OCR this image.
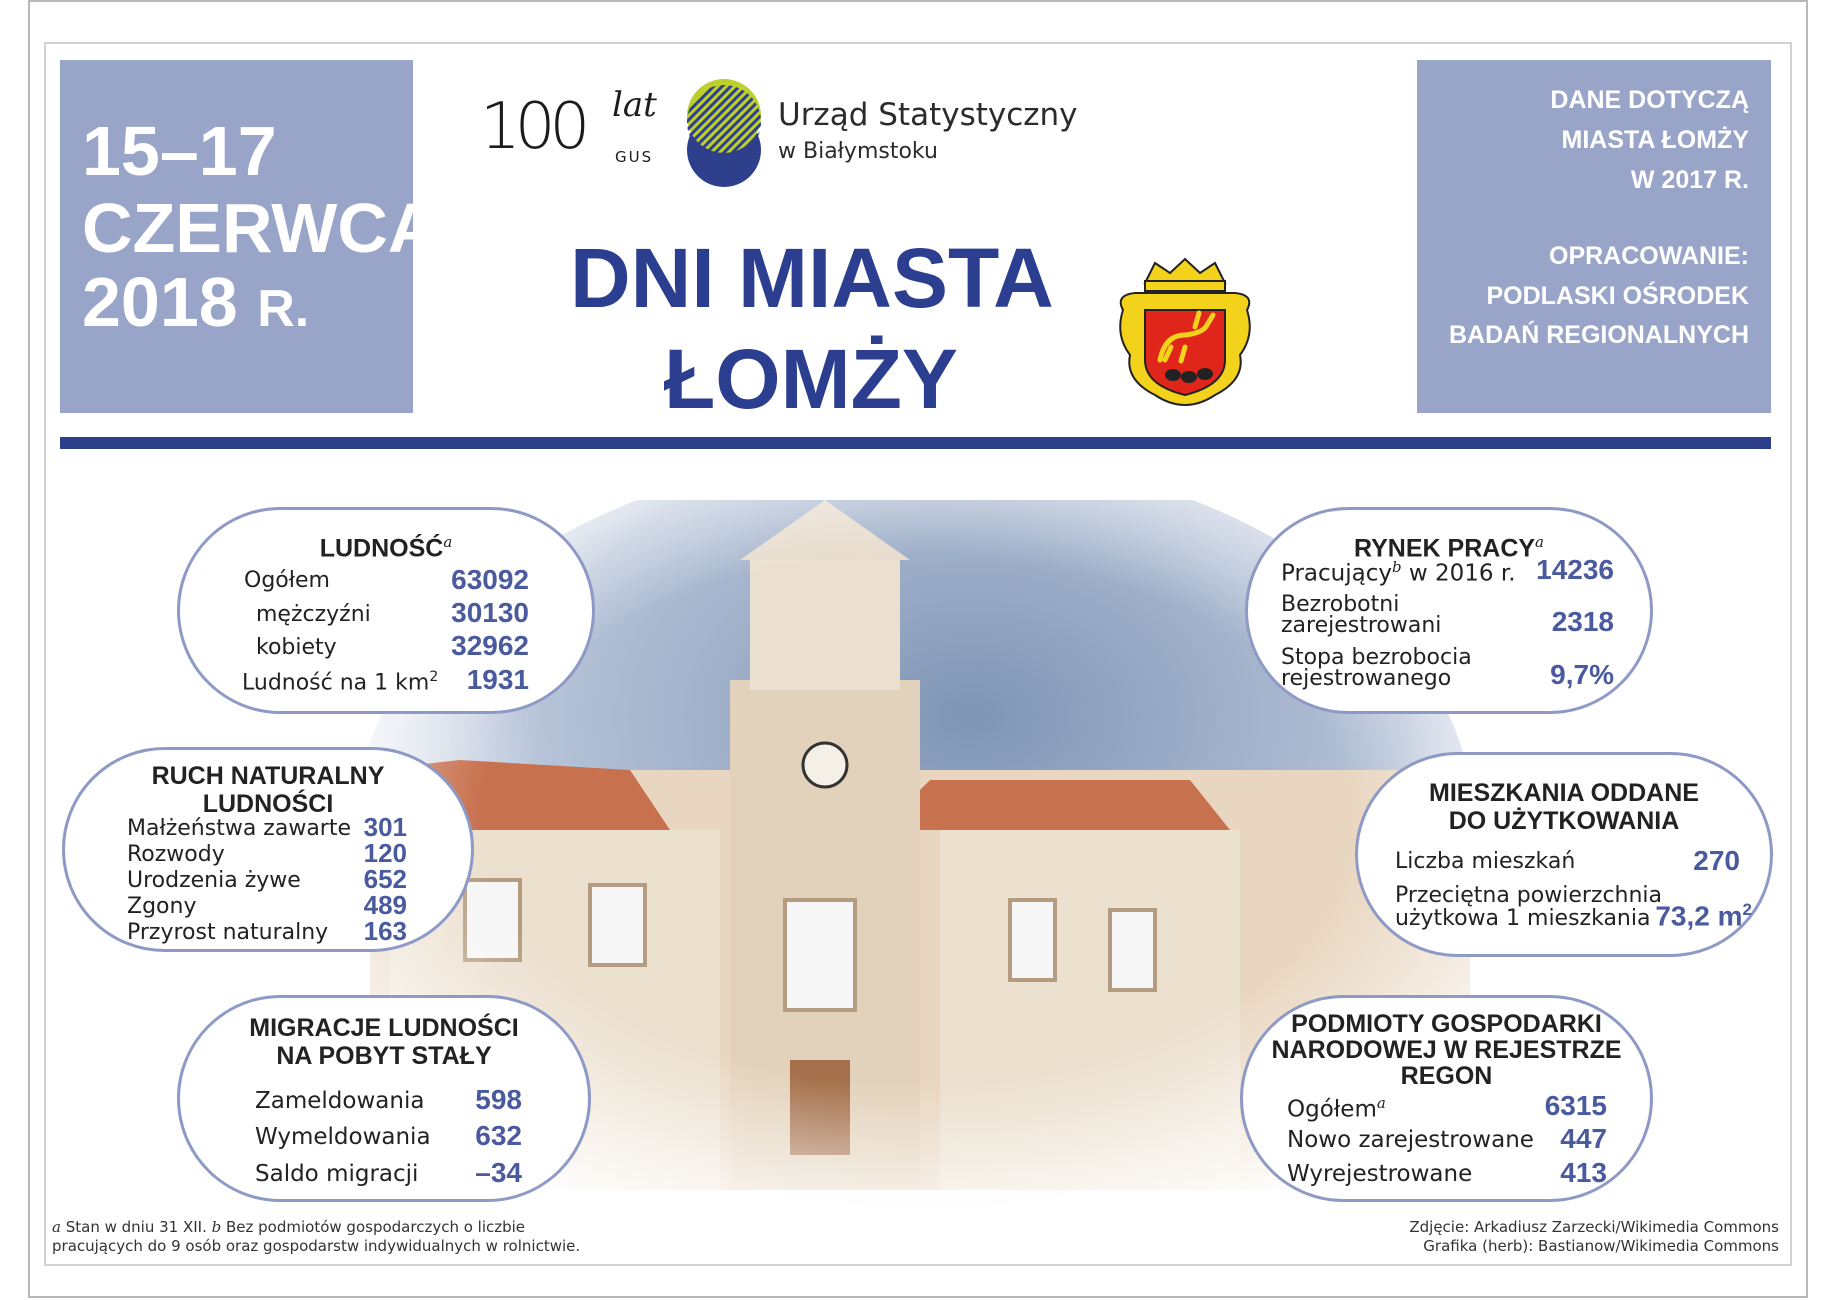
15–17
CZERWCA
2018 R.
DANE DOTYCZĄ
MIASTA ŁOMŻY
W 2017 R.
OPRACOWANIE:
PODLASKI OŚRODEK
BADAŃ REGIONALNYCH
100 lat
GUS
Urząd Statystyczny
w Białymstoku
DNI MIASTA
ŁOMŻY
LUDNOŚĆ$^a$
Ogółem	63092
mężczyźni	30130
kobiety	32962
Ludność na 1 $km^2$ 1931
RUCH NATURALNY
LUDNOŚCI
Małżeństwa zawarte 301
Rozwody	120
Urodzenia żywe 652
Zgony	489
Przyrost naturalny 163
MIGRACJE LUDNOŚCI
NA POBYT STAŁY
Zameldowania 598
Wymeldowania 632
Saldo migracji –34
RYNEK PRACY$^a$
Pracujący$^b$ w 2016 r. 14236
Bezrobotni
zarejestrowani	2318
Stopa bezrobocia
rejestrowanego	9,7%
MIESZKANIA ODDANE
DO UŻYTKOWANIA
Liczba mieszkań	270
Przeciętna powierzchnia
użytkowa 1 mieszkania 73,2 $m^2$
PODMIOTY GOSPODARKI
NARODOWEJ W REJESTRZE
REGON
Ogółem$^a$	6315
Nowo zarejestrowane 447
Wyrejestrowane	413
a Stan w dniu 31 XII. b Bez podmiotów gospodarczych o liczbie
pracujących do 9 osób oraz gospodarstw indywidualnych w rolnictwie.
Zdjęcie: Arkadiusz Zarzecki/Wikimedia Commons
Grafika (herb): Bastianow/Wikimedia Commons
